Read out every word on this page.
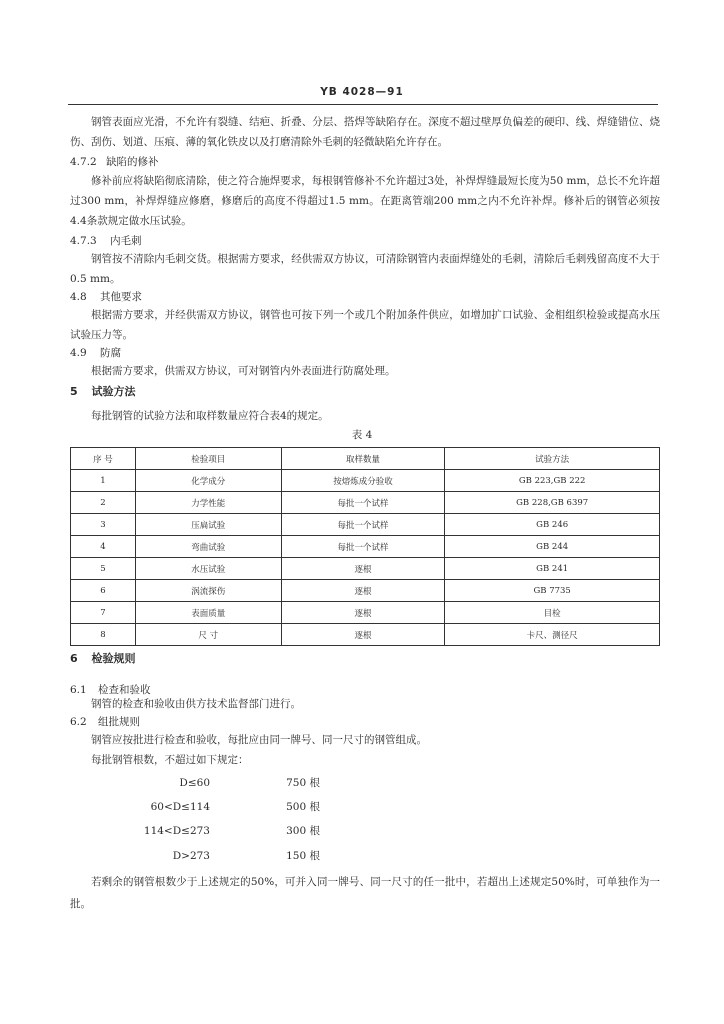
YB 4028—91

钢管表面应光滑，不允许有裂缝、结疤、折叠、分层、搭焊等缺陷存在。深度不超过壁厚负偏差的硬印、线、焊缝错位、烧伤、刮伤、划道、压痕、薄的氧化铁皮以及打磨清除外毛刺的轻微缺陷允许存在。

4.7.2 缺陷的修补

修补前应将缺陷彻底清除，使之符合施焊要求，每根钢管修补不允许超过3处，补焊焊缝最短长度为50 mm，总长不允许超过300 mm，补焊焊缝应修磨，修磨后的高度不得超过1.5 mm。在距离管端200 mm之内不允许补焊。修补后的钢管必须按4.4条款规定做水压试验。

4.7.3 内毛刺

钢管按不清除内毛刺交货。根据需方要求，经供需双方协议，可清除钢管内表面焊缝处的毛刺，清除后毛刺残留高度不大于0.5 mm。

4.8 其他要求

根据需方要求，并经供需双方协议，钢管也可按下列一个或几个附加条件供应，如增加扩口试验、金相组织检验或提高水压试验压力等。

4.9 防腐

根据需方要求，供需双方协议，可对钢管内外表面进行防腐处理。

5 试验方法

每批钢管的试验方法和取样数量应符合表4的规定。

表 4
序 号	检验项目	取样数量	试验方法
1	化学成分	按熔炼成分验收	GB 223,GB 222
2	力学性能	每批一个试样	GB 228,GB 6397
3	压扁试验	每批一个试样	GB 246
4	弯曲试验	每批一个试样	GB 244
5	水压试验	逐根	GB 241
6	涡流探伤	逐根	GB 7735
7	表面质量	逐根	目检
8	尺 寸	逐根	卡尺、测径尺
6 检验规则
6.1 检查和验收

钢管的检查和验收由供方技术监督部门进行。

6.2 组批规则

钢管应按批进行检查和验收，每批应由同一牌号、同一尺寸的钢管组成。

每批钢管根数，不超过如下规定：

D≤60	750 根
60<D≤114	500 根
114<D≤273	300 根
D>273	150 根

若剩余的钢管根数少于上述规定的50%，可并入同一牌号、同一尺寸的任一批中，若超出上述规定50%时，可单独作为一批。
